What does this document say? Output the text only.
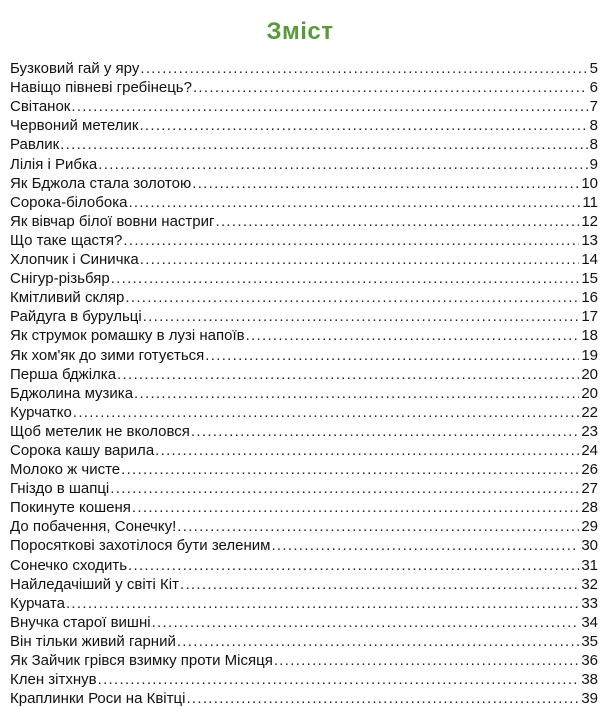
Зміст
Бузковий гай у яру .....	5
Навіщо півневі гребінець? .....	6
Світанок .....	7
Червоний метелик .....	8
Равлик .....	8
Лілія і Рибка .....	9
Як Бджола стала золотою .....	10
Сорока-білобока .....	11
Як вівчар білої вовни настриг .....	12
Що таке щастя? .....	13
Хлопчик і Синичка .....	14
Снігур-різьбяр .....	15
Кмітливий скляр .....	16
Райдуга в бурульці .....	17
Як струмок ромашку в лузі напоїв .....	18
Як хом'як до зими готується .....	19
Перша бджілка .....	20
Бджолина музика .....	20
Курчатко .....	22
Щоб метелик не вколовся .....	23
Сорока кашу варила .....	24
Молоко ж чисте .....	26
Гніздо в шапці .....	27
Покинуте кошеня .....	28
До побачення, Сонечку! .....	29
Поросяткові захотілося бути зеленим .....	30
Сонечко сходить .....	31
Найледачіший у світі Кіт .....	32
Курчата .....	33
Внучка старої вишні .....	34
Він тільки живий гарний .....	35
Як Зайчик грівся взимку проти Місяця .....	36
Клен зітхнув .....	38
Краплинки Роси на Квітці .....	39
